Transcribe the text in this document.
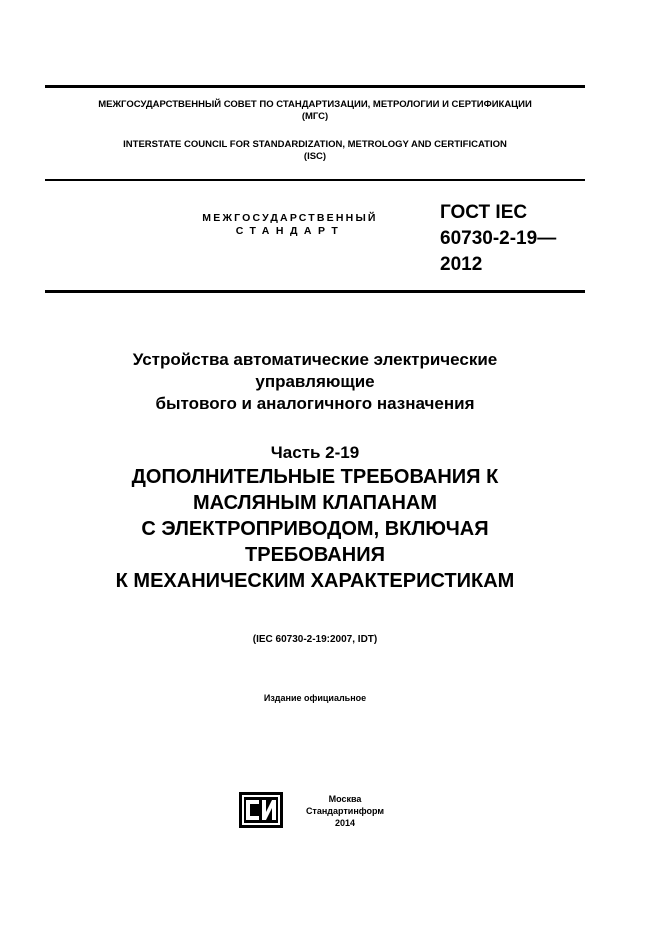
МЕЖГОСУДАРСТВЕННЫЙ СОВЕТ ПО СТАНДАРТИЗАЦИИ, МЕТРОЛОГИИ И СЕРТИФИКАЦИИ
(МГС)
INTERSTATE COUNCIL FOR STANDARDIZATION, METROLOGY AND CERTIFICATION
(ISC)
МЕЖГОСУДАРСТВЕННЫЙ
СТАНДАРТ
ГОСТ IEC
60730-2-19—
2012
Устройства автоматические электрические
управляющие
бытового и аналогичного назначения
Часть 2-19
ДОПОЛНИТЕЛЬНЫЕ ТРЕБОВАНИЯ К
МАСЛЯНЫМ КЛАПАНАМ
С ЭЛЕКТРОПРИВОДОМ, ВКЛЮЧАЯ
ТРЕБОВАНИЯ
К МЕХАНИЧЕСКИМ ХАРАКТЕРИСТИКАМ
(IEC 60730-2-19:2007, IDT)
Издание официальное
Москва
Стандартинформ
2014
